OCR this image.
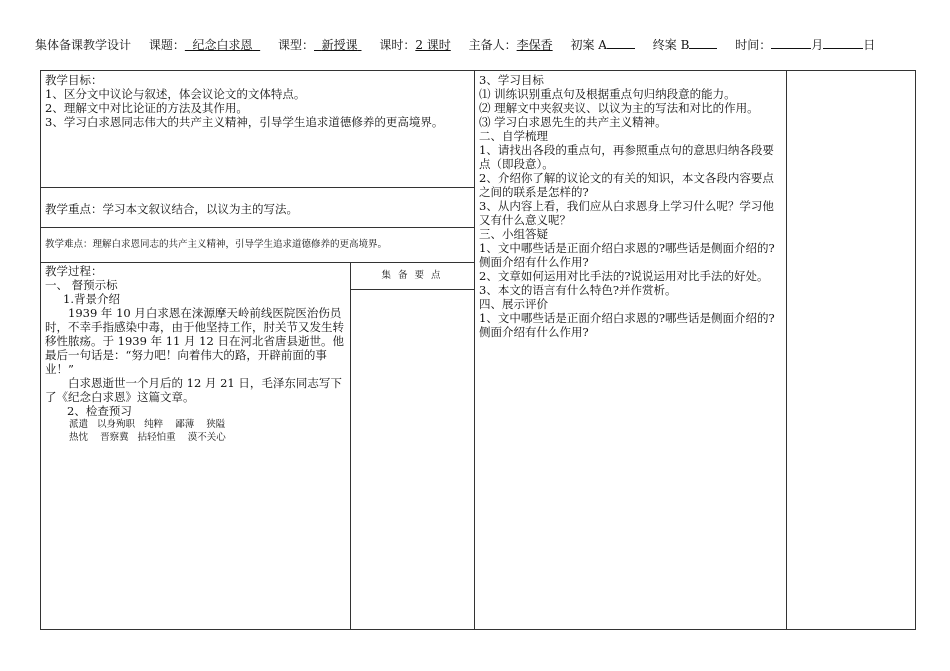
集体备课教学设计 课题： 纪念白求恩 课型： 新授课 课时：2 课时 主备人：李保香 初案 A	终案 B	时间：	月	日

教学目标：

1、区分文中议论与叙述，体会议论文的文体特点。

2、理解文中对比论证的方法及其作用。

3、学习白求恩同志伟大的共产主义精神，引导学生追求道德修养的更高境界。

教学重点：学习本文叙议结合，以议为主的写法。

教学难点：理解白求恩同志的共产主义精神，引导学生追求道德修养的更高境界。

教学过程：

一、 督预示标

1.背景介绍

1939 年 10 月白求恩在涞源摩天岭前线医院医治伤员时，不幸手指感染中毒，由于他坚持工作，肘关节又发生转移性脓疡。于 1939 年 11 月 12 日在河北省唐县逝世。他最后一句话是：“努力吧！向着伟大的路，开辟前面的事业！”

白求恩逝世一个月后的 12 月 21 日，毛泽东同志写下了《纪念白求恩》这篇文章。

2、检查预习

派遣   以身殉职   纯粹    鄙薄    狭隘

热忱    晋察冀   拈轻怕重    漠不关心

集 备 要 点

3、学习目标

⑴ 训练识别重点句及根据重点句归纳段意的能力。

⑵ 理解文中夹叙夹议、以议为主的写法和对比的作用。

⑶ 学习白求恩先生的共产主义精神。

二、自学梳理

1、请找出各段的重点句，再参照重点句的意思归纳各段要点（即段意）。

2、介绍你了解的议论文的有关的知识，本文各段内容要点之间的联系是怎样的?

3、从内容上看，我们应从白求恩身上学习什么呢？学习他又有什么意义呢？

三、小组答疑

1、文中哪些话是正面介绍白求恩的?哪些话是侧面介绍的?侧面介绍有什么作用?

2、文章如何运用对比手法的?说说运用对比手法的好处。

3、本文的语言有什么特色?并作赏析。

四、展示评价

1、文中哪些话是正面介绍白求恩的?哪些话是侧面介绍的?侧面介绍有什么作用?
